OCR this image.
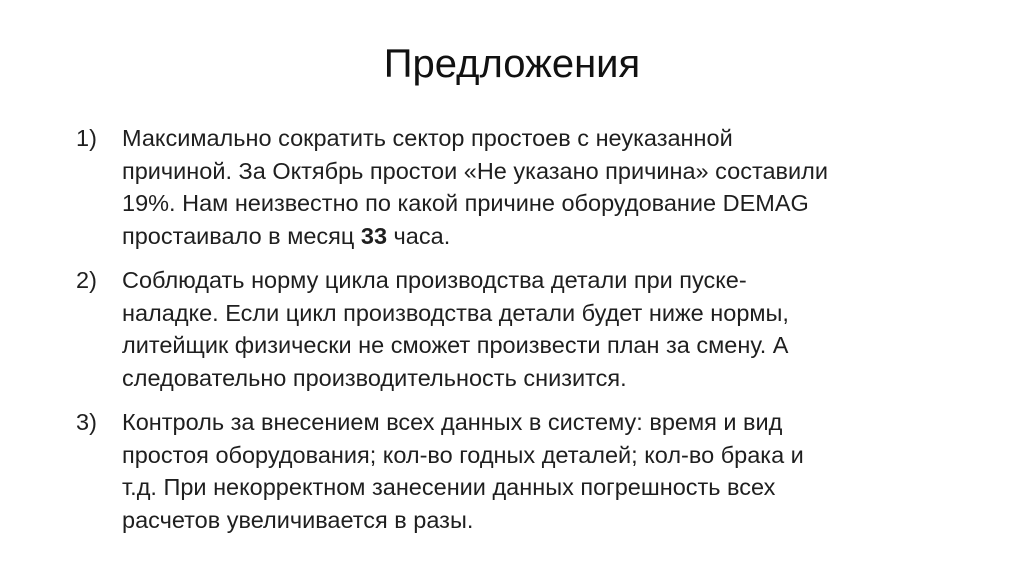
Предложения
1)	Максимально сократить сектор простоев с неуказанной
причиной. За Октябрь простои «Не указано причина» составили
19%. Нам неизвестно по какой причине оборудование DEMAG
простаивало в месяц 33 часа.
2)	Соблюдать норму цикла производства детали при пуске-
наладке. Если цикл производства детали будет ниже нормы,
литейщик физически не сможет произвести план за смену. А
следовательно производительность снизится.
3)	Контроль за внесением всех данных в систему: время и вид
простоя оборудования; кол-во годных деталей; кол-во брака и
т.д. При некорректном занесении данных погрешность всех
расчетов увеличивается в разы.
